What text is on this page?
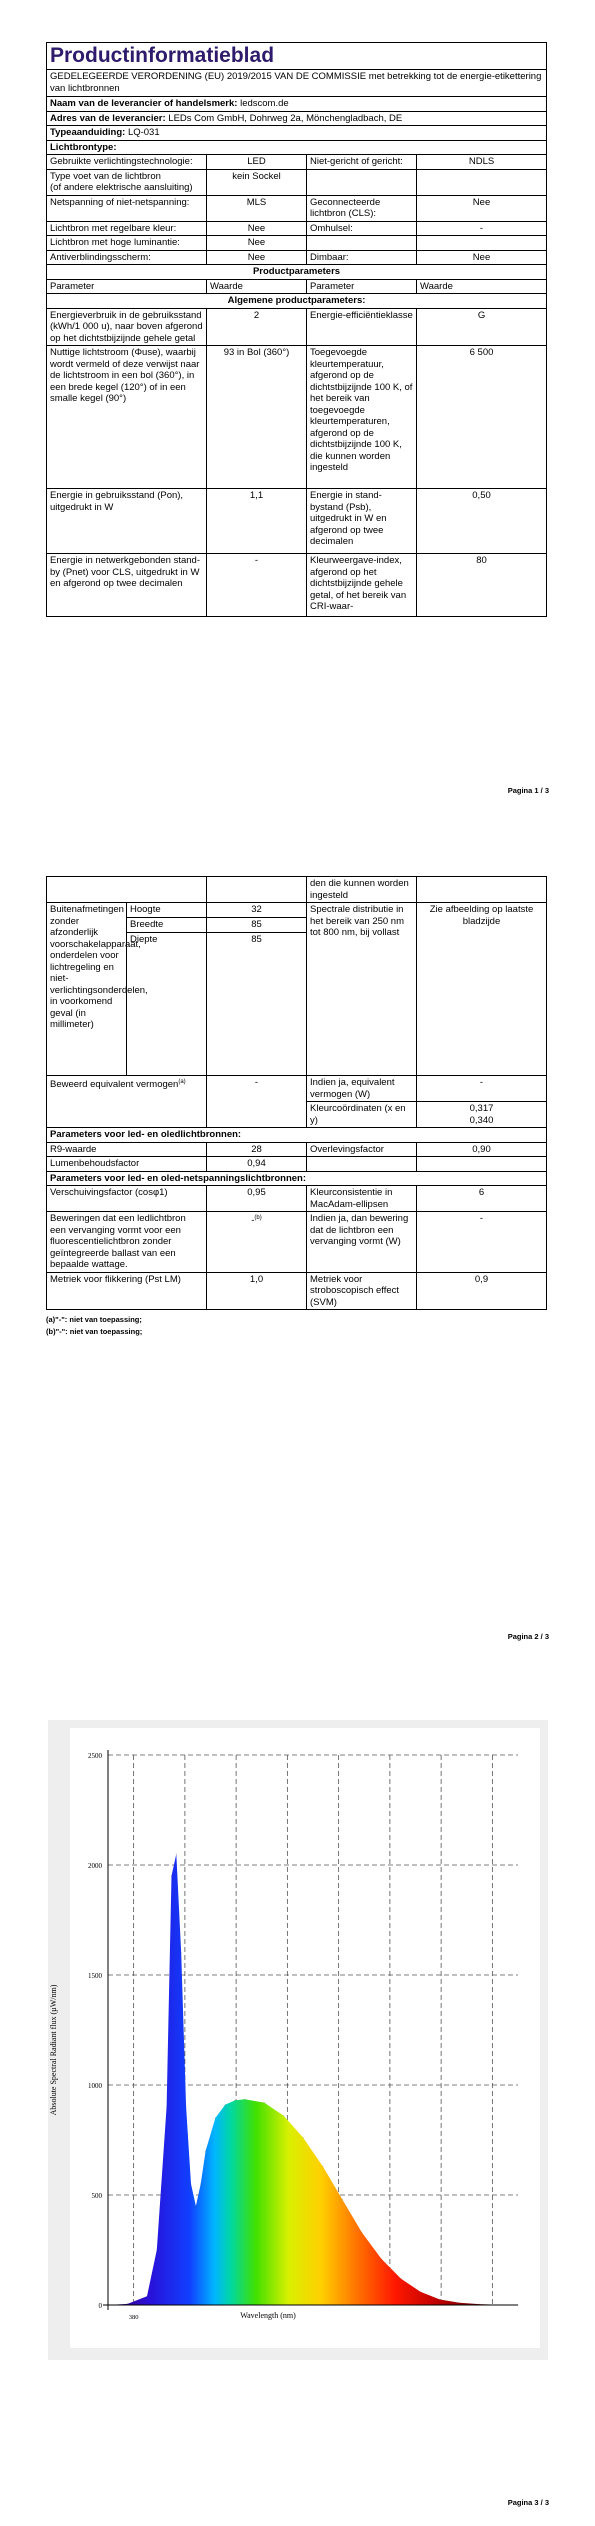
Productinformatieblad			
GEDELEGEERDE VERORDENING (EU) 2019/2015 VAN DE COMMISSIE met betrekking tot de energie-etikettering van lichtbronnen			
Naam van de leverancier of handelsmerk: ledscom.de			
Adres van de leverancier: LEDs Com GmbH, Dohrweg 2a, Mönchengladbach, DE			
Typeaanduiding: LQ-031			
Lichtbrontype:			
Gebruikte verlichtingstechnologie:	LED	Niet-gericht of gericht:	NDLS
Type voet van de lichtbron
(of andere elektrische aansluiting)	kein Sockel		
Netspanning of niet-netspanning:	MLS	Geconnecteerde lichtbron (CLS):	Nee
Lichtbron met regelbare kleur:	Nee	Omhulsel:	-
Lichtbron met hoge luminantie:	Nee		
Antiverblindingsscherm:	Nee	Dimbaar:	Nee
Productparameters			
Parameter	Waarde	Parameter	Waarde
Algemene productparameters:			
Energieverbruik in de gebruiksstand (kWh/1 000 u), naar boven afgerond op het dichtstbijzijnde gehele getal	2	Energie-efficiëntieklasse	G
Nuttige lichtstroom (Φuse), waarbij wordt vermeld of deze verwijst naar de lichtstroom in een bol (360°), in een brede kegel (120°) of in een smalle kegel (90°)	93 in Bol (360°)	Toegevoegde kleurtemperatuur, afgerond op de dichtstbijzijnde 100 K, of het bereik van toegevoegde kleurtemperaturen, afgerond op de dichtstbijzijnde 100 K, die kunnen worden ingesteld	6 500
Energie in gebruiksstand (Pon), uitgedrukt in W	1,1	Energie in stand-bystand (Psb), uitgedrukt in W en afgerond op twee decimalen	0,50
Energie in netwerkgebonden stand-by (Pnet) voor CLS, uitgedrukt in W en afgerond op twee decimalen	-	Kleurweergave-index, afgerond op het dichtstbijzijnde gehele getal, of het bereik van CRI-waar-	80
Pagina 1 / 3
			den die kunnen worden ingesteld	
Buitenafmetingen zonder afzonderlijk voorschakelapparaat, onderdelen voor lichtregeling en niet-verlichtingsonderdelen, in voorkomend geval (in millimeter)	Hoogte	32	Spectrale distributie in het bereik van 250 nm tot 800 nm, bij vollast	Zie afbeelding op laatste bladzijde
	Breedte	85		
	Diepte	85		
Beweerd equivalent vermogen$^{(a)}$		-	Indien ja, equivalent vermogen (W)	-
			Kleurcoördinaten (x en y)	0,317
0,340

Parameters voor led- en oledlichtbronnen:				
R9-waarde		28	Overlevingsfactor	0,90
Lumenbehoudsfactor		0,94		
Parameters voor led- en oled-netspanningslichtbronnen:				
Verschuivingsfactor (cosφ1)		0,95	Kleurconsistentie in MacAdam-ellipsen	6
Beweringen dat een ledlichtbron een vervanging vormt voor een fluorescentielichtbron zonder geïntegreerde ballast van een bepaalde wattage.		-$^{(b)}$	Indien ja, dan bewering dat de lichtbron een vervanging vormt (W)	-
Metriek voor flikkering (Pst LM)		1,0	Metriek voor stroboscopisch effect (SVM)	0,9
(a)"-": niet van toepassing;
(b)"-": niet van toepassing;
Pagina 2 / 3
2500
2000
1500
1000
500
0
380
Absolute Spectral Radiant flux (µW/nm)
Wavelength (nm)
Pagina 3 / 3
